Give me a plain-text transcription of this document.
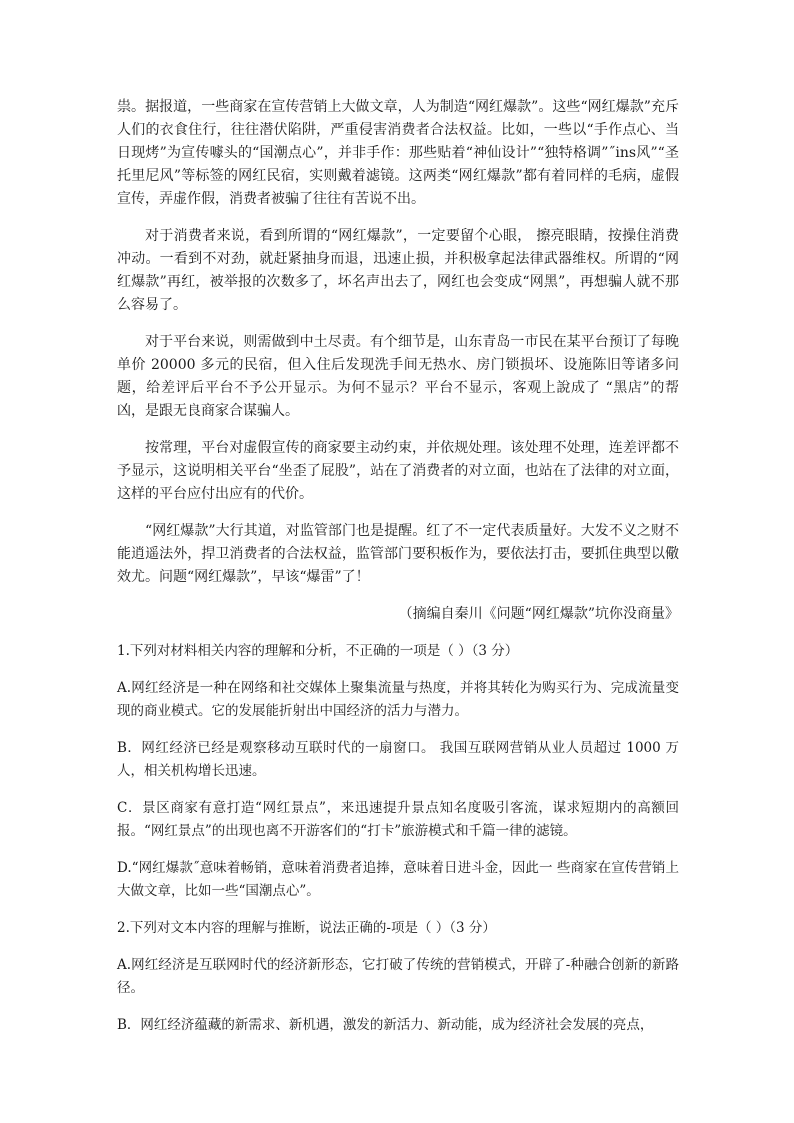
祟。据报道，一些商家在宣传营销上大做文章，人为制造“网红爆款”。这些“网红爆款”充斥人们的衣食住行，往往潜伏陷阱，严重侵害消费者合法权益。比如，一些以“手作点心、当日现烤”为宣传噱头的“国潮点心”，并非手作：那些贴着“神仙设计”“独特格调”˝ins风”“圣托里尼风”等标签的网红民宿，实则戴着滤镜。这两类“网红爆款”都有着同样的毛病，虚假宣传，弄虚作假，消费者被骗了往往有苦说不出。

对于消费者来说，看到所谓的“网红爆款”，一定要留个心眼， 擦亮眼睛，按操住消费冲动。一看到不对劲，就赶紧抽身而退，迅速止损，并积极拿起法律武器维权。所谓的“网红爆款”再红，被举报的次数多了，坏名声出去了，网红也会变成“网黑”，再想骗人就不那么容易了。

对于平台来说，则需做到中土尽责。有个细节是，山东青岛一市民在某平台预订了每晚单价 20000 多元的民宿，但入住后发现洗手间无热水、房门锁损坏、设施陈旧等诸多问题，给差评后平台不予公开显示。为何不显示？平台不显示，客观上說成了 “黑店”的帮凶，是跟无良商家合谋骗人。

按常理，平台对虚假宣传的商家要主动约束，并依规处理。该处理不处理，连差评都不予显示，这说明相关平台“坐歪了屁股”，站在了消费者的对立面，也站在了法律的对立面，这样的平台应付出应有的代价。

“网红爆款”大行其道，对监管部门也是提醒。红了不一定代表质量好。大发不义之财不能逍遥法外，捍卫消费者的合法权益，监管部门要积板作为，要依法打击，要抓住典型以儆效尤。问题“网红爆款”，早该“爆雷”了！

（摘编自秦川《问题“网红爆款”坑你没商量》

1.下列对材料相关内容的理解和分析，不正确的一项是（ ）（3 分）

A.网红经济是一种在网络和社交媒体上聚集流量与热度，并将其转化为购买行为、完成流量变现的商业模式。它的发展能折射出中国经济的活力与潜力。

B．网红经济已经是观察移动互联时代的一扇窗口。 我国互联网营销从业人员超过 1000 万人，相关机构增长迅速。

C．景区商家有意打造“网红景点”，来迅速提升景点知名度吸引客流，谋求短期内的高额回报。“网红景点”的出现也离不开游客们的“打卡”旅游模式和千篇一律的滤镜。

D.“网红爆款˝意味着畅销，意味着消费者追捧，意味着日进斗金，因此一 些商家在宣传营销上大做文章，比如一些“国潮点心”。

2.下列对文本内容的理解与推断，说法正确的-项是（ ）（3 分）

A.网红经济是互联网时代的经济新形态，它打破了传统的营销模式，开辟了-种融合创新的新路径。

B．网红经济蕴藏的新需求、新机遇，激发的新活力、新动能，成为经济社会发展的亮点，
